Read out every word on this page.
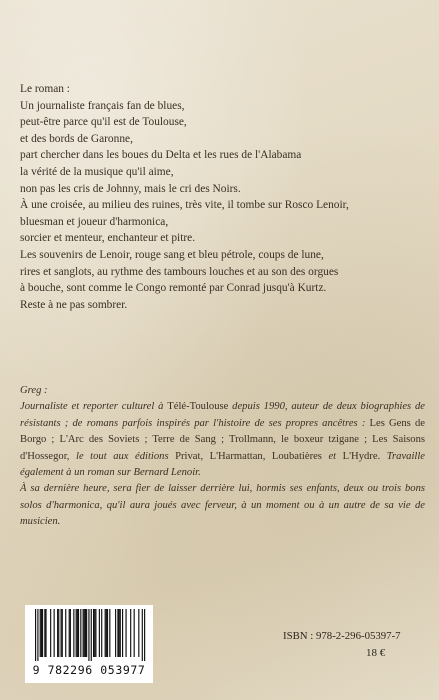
Le roman :
Un journaliste français fan de blues,
peut-être parce qu'il est de Toulouse,
et des bords de Garonne,
part chercher dans les boues du Delta et les rues de l'Alabama
la vérité de la musique qu'il aime,
non pas les cris de Johnny, mais le cri des Noirs.
À une croisée, au milieu des ruines, très vite, il tombe sur Rosco Lenoir,
bluesman et joueur d'harmonica,
sorcier et menteur, enchanteur et pitre.
Les souvenirs de Lenoir, rouge sang et bleu pétrole, coups de lune,
rires et sanglots, au rythme des tambours louches et au son des orgues
à bouche, sont comme le Congo remonté par Conrad jusqu'à Kurtz.
Reste à ne pas sombrer.

Greg :

Journaliste et reporter culturel à Télé-Toulouse depuis 1990, auteur de deux biographies de résistants ; de romans parfois inspirés par l'histoire de ses propres ancêtres : Les Gens de Borgo ; L'Arc des Soviets ; Terre de Sang ; Trollmann, le boxeur tzigane ; Les Saisons d'Hossegor, le tout aux éditions Privat, L'Harmattan, Loubatières et L'Hydre. Travaille également à un roman sur Bernard Lenoir.

À sa dernière heure, sera fier de laisser derrière lui, hormis ses enfants, deux ou trois bons solos d'harmonica, qu'il aura joués avec ferveur, à un moment ou à un autre de sa vie de musicien.

9 782296 053977
ISBN : 978-2-296-05397-7
18 €
